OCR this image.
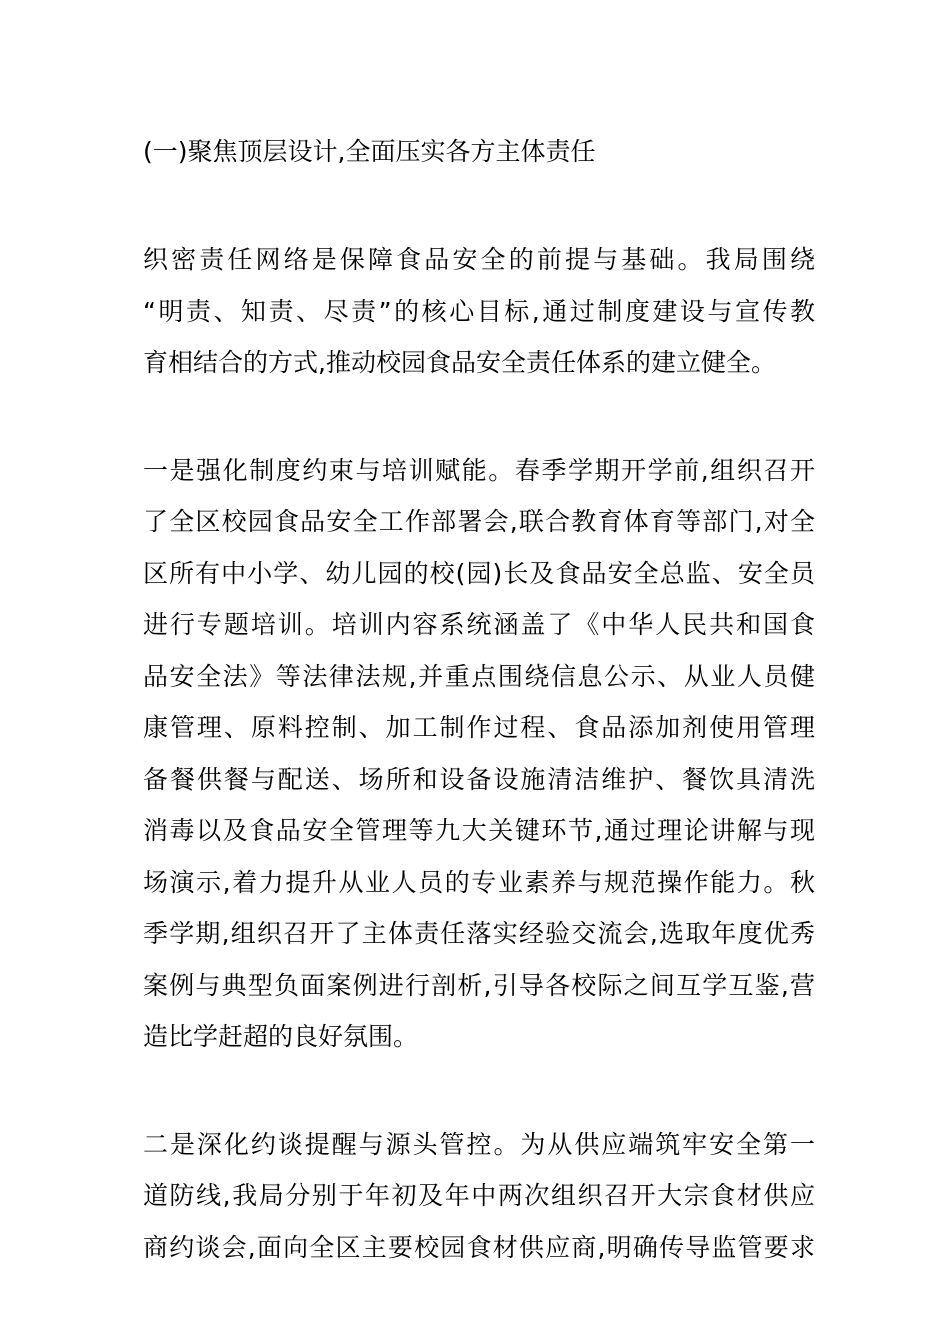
(一)聚焦顶层设计,全面压实各方主体责任
织密责任网络是保障食品安全的前提与基础。我局围绕
“明责、知责、尽责”的核心目标,通过制度建设与宣传教
育相结合的方式,推动校园食品安全责任体系的建立健全。
一是强化制度约束与培训赋能。春季学期开学前,组织召开
了全区校园食品安全工作部署会,联合教育体育等部门,对全
区所有中小学、幼儿园的校(园)长及食品安全总监、安全员
进行专题培训。培训内容系统涵盖了《中华人民共和国食
品安全法》等法律法规,并重点围绕信息公示、从业人员健
康管理、原料控制、加工制作过程、食品添加剂使用管理
备餐供餐与配送、场所和设备设施清洁维护、餐饮具清洗
消毒以及食品安全管理等九大关键环节,通过理论讲解与现
场演示,着力提升从业人员的专业素养与规范操作能力。秋
季学期,组织召开了主体责任落实经验交流会,选取年度优秀
案例与典型负面案例进行剖析,引导各校际之间互学互鉴,营
造比学赶超的良好氛围。
二是深化约谈提醒与源头管控。为从供应端筑牢安全第一
道防线,我局分别于年初及年中两次组织召开大宗食材供应
商约谈会,面向全区主要校园食材供应商,明确传导监管要求
